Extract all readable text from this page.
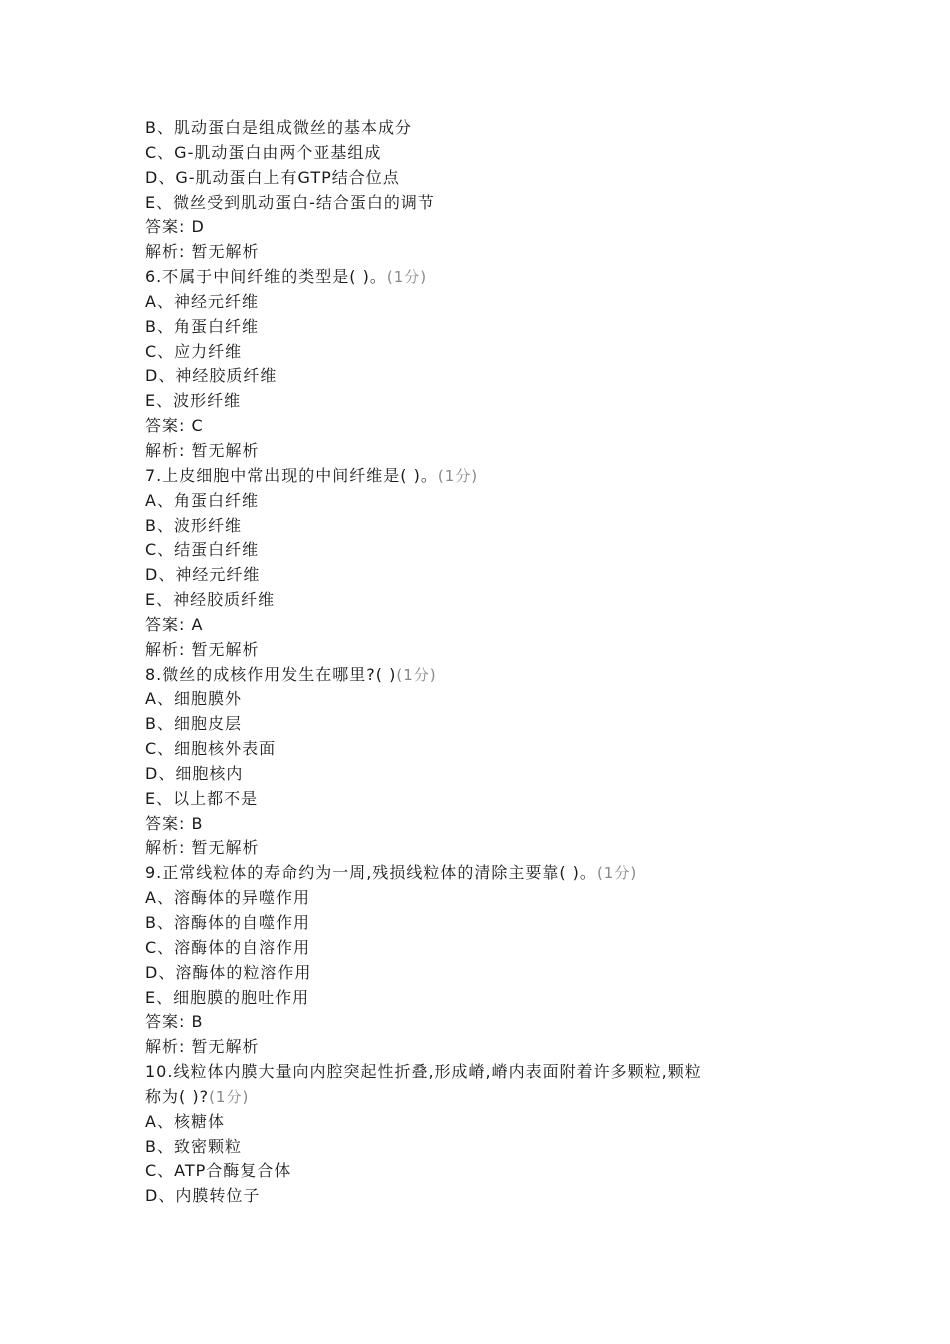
B、肌动蛋白是组成微丝的基本成分
C、G-肌动蛋白由两个亚基组成
D、G-肌动蛋白上有GTP结合位点
E、微丝受到肌动蛋白-结合蛋白的调节
答案: D
解析: 暂无解析
6.不属于中间纤维的类型是( )。(1分)
A、神经元纤维
B、角蛋白纤维
C、应力纤维
D、神经胶质纤维
E、波形纤维
答案: C
解析: 暂无解析
7.上皮细胞中常出现的中间纤维是( )。(1分)
A、角蛋白纤维
B、波形纤维
C、结蛋白纤维
D、神经元纤维
E、神经胶质纤维
答案: A
解析: 暂无解析
8.微丝的成核作用发生在哪里?( )(1分)
A、细胞膜外
B、细胞皮层
C、细胞核外表面
D、细胞核内
E、以上都不是
答案: B
解析: 暂无解析
9.正常线粒体的寿命约为一周,残损线粒体的清除主要靠( )。(1分)
A、溶酶体的异噬作用
B、溶酶体的自噬作用
C、溶酶体的自溶作用
D、溶酶体的粒溶作用
E、细胞膜的胞吐作用
答案: B
解析: 暂无解析
10.线粒体内膜大量向内腔突起性折叠,形成嵴,嵴内表面附着许多颗粒,颗粒
称为( )?(1分)
A、核糖体
B、致密颗粒
C、ATP合酶复合体
D、内膜转位子
